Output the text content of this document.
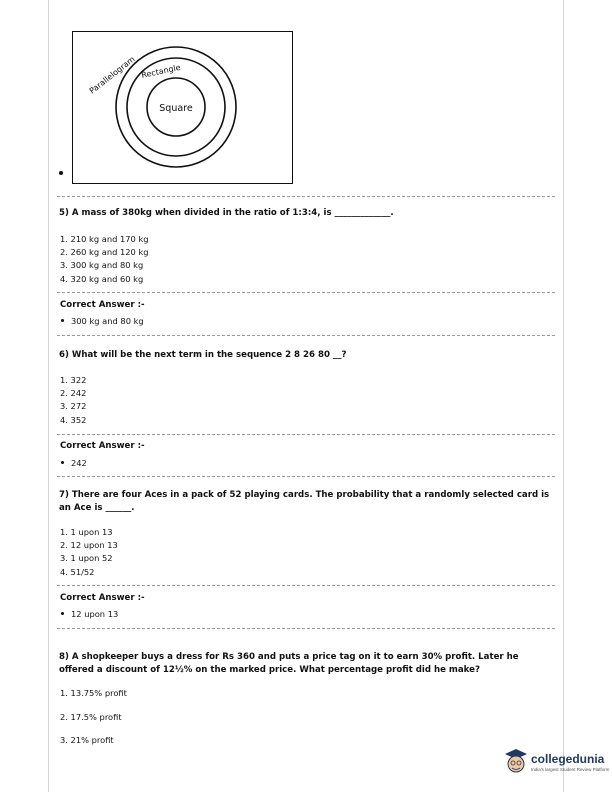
Parallelogram Rectangle
Square
5) A mass of 380kg when divided in the ratio of 1:3:4, is _____________.
1. 210 kg and 170 kg
2. 260 kg and 120 kg
3. 300 kg and 80 kg
4. 320 kg and 60 kg
Correct Answer :-
300 kg and 80 kg
6) What will be the next term in the sequence 2 8 26 80 __?
1. 322
2. 242
3. 272
4. 352
Correct Answer :-
242
7) There are four Aces in a pack of 52 playing cards. The probability that a randomly selected card is
an Ace is ______.
1. 1 upon 13
2. 12 upon 13
3. 1 upon 52
4. 51/52
Correct Answer :-
12 upon 13
8) A shopkeeper buys a dress for Rs 360 and puts a price tag on it to earn 30% profit. Later he
offered a discount of 12½% on the marked price. What percentage profit did he make?
1. 13.75% profit
2. 17.5% profit
3. 21% profit
collegedunia
India's largest Student Review Platform
